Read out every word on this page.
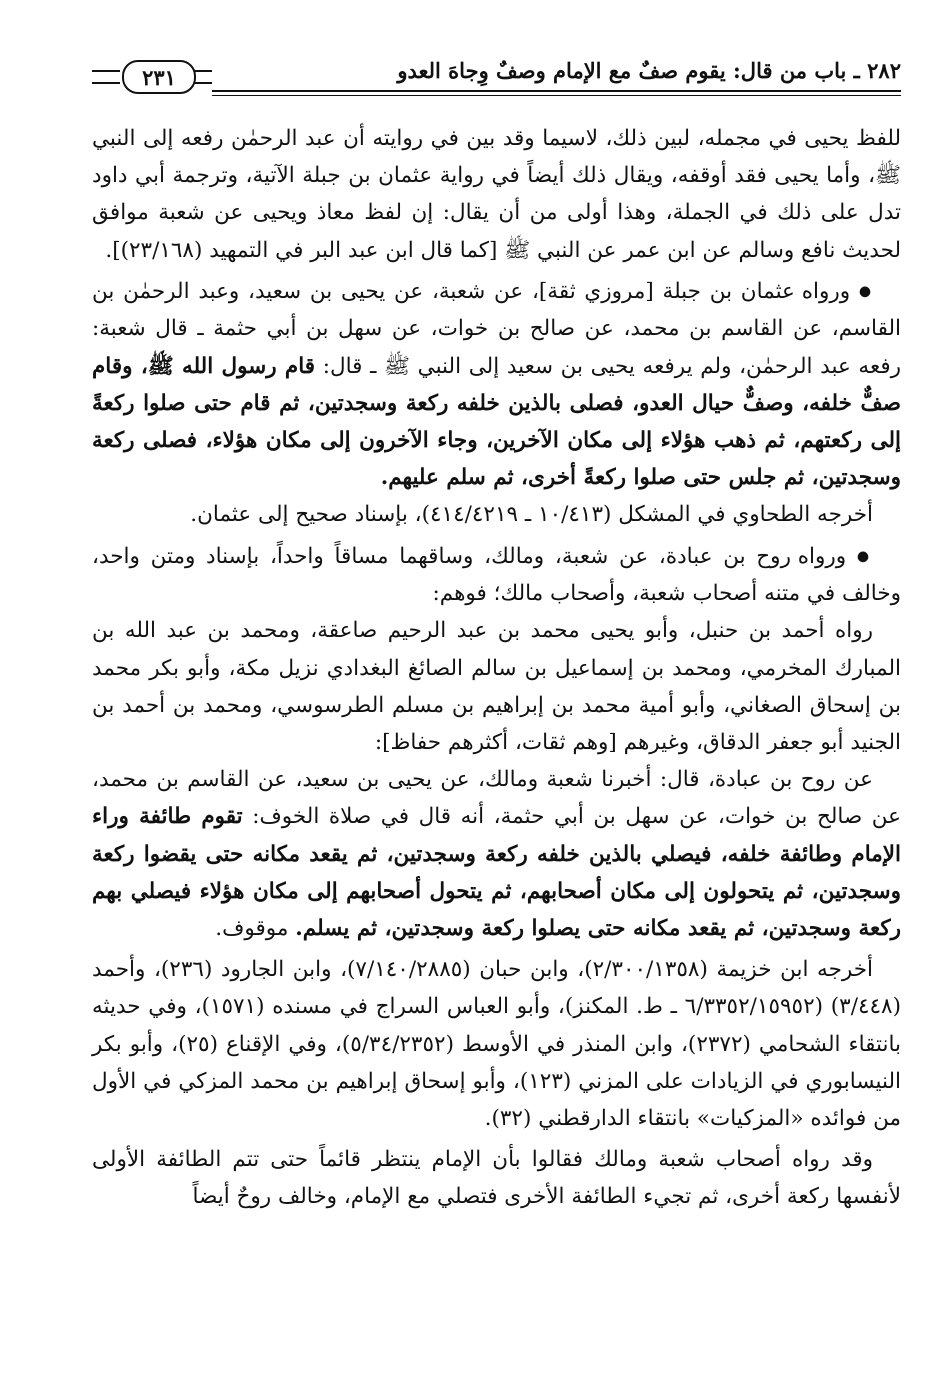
٢٨٢ ـ باب من قال: يقوم صفٌ مع الإمام وصفٌ وِجاهَ العدو
٢٣١

للفظ يحيى في مجمله، لبين ذلك، لاسيما وقد بين في روايته أن عبد الرحمٰن رفعه إلى النبي ﷺ، وأما يحيى فقد أوقفه، ويقال ذلك أيضاً في رواية عثمان بن جبلة الآتية، وترجمة أبي داود تدل على ذلك في الجملة، وهذا أولى من أن يقال: إن لفظ معاذ ويحيى عن شعبة موافق لحديث نافع وسالم عن ابن عمر عن النبي ﷺ [كما قال ابن عبد البر في التمهيد (٢٣/١٦٨)].

● ورواه عثمان بن جبلة [مروزي ثقة]، عن شعبة، عن يحيى بن سعيد، وعبد الرحمٰن بن القاسم، عن القاسم بن محمد، عن صالح بن خوات، عن سهل بن أبي حثمة ـ قال شعبة: رفعه عبد الرحمٰن، ولم يرفعه يحيى بن سعيد إلى النبي ﷺ ـ قال: قام رسول الله ﷺ، وقام صفٌّ خلفه، وصفٌّ حيال العدو، فصلى بالذين خلفه ركعة وسجدتين، ثم قام حتى صلوا ركعةً إلى ركعتهم، ثم ذهب هؤلاء إلى مكان الآخرين، وجاء الآخرون إلى مكان هؤلاء، فصلى ركعة وسجدتين، ثم جلس حتى صلوا ركعةً أخرى، ثم سلم عليهم.

أخرجه الطحاوي في المشكل (١٠/٤١٣ ـ ٤١٤/٤٢١٩)، بإسناد صحيح إلى عثمان.

● ورواه روح بن عبادة، عن شعبة، ومالك، وساقهما مساقاً واحداً، بإسناد ومتن واحد، وخالف في متنه أصحاب شعبة، وأصحاب مالك؛ فوهم:

رواه أحمد بن حنبل، وأبو يحيى محمد بن عبد الرحيم صاعقة، ومحمد بن عبد الله بن المبارك المخرمي، ومحمد بن إسماعيل بن سالم الصائغ البغدادي نزيل مكة، وأبو بكر محمد بن إسحاق الصغاني، وأبو أمية محمد بن إبراهيم بن مسلم الطرسوسي، ومحمد بن أحمد بن الجنيد أبو جعفر الدقاق، وغيرهم [وهم ثقات، أكثرهم حفاظ]:

عن روح بن عبادة، قال: أخبرنا شعبة ومالك، عن يحيى بن سعيد، عن القاسم بن محمد، عن صالح بن خوات، عن سهل بن أبي حثمة، أنه قال في صلاة الخوف: تقوم طائفة وراء الإمام وطائفة خلفه، فيصلي بالذين خلفه ركعة وسجدتين، ثم يقعد مكانه حتى يقضوا ركعة وسجدتين، ثم يتحولون إلى مكان أصحابهم، ثم يتحول أصحابهم إلى مكان هؤلاء فيصلي بهم ركعة وسجدتين، ثم يقعد مكانه حتى يصلوا ركعة وسجدتين، ثم يسلم. موقوف.

أخرجه ابن خزيمة (٢/٣٠٠/١٣٥٨)، وابن حبان (٧/١٤٠/٢٨٨٥)، وابن الجارود (٢٣٦)، وأحمد (٣/٤٤٨) (٦/٣٣٥٢/١٥٩٥٢ ـ ط. المكنز)، وأبو العباس السراج في مسنده (١٥٧١)، وفي حديثه بانتقاء الشحامي (٢٣٧٢)، وابن المنذر في الأوسط (٥/٣٤/٢٣٥٢)، وفي الإقناع (٢٥)، وأبو بكر النيسابوري في الزيادات على المزني (١٢٣)، وأبو إسحاق إبراهيم بن محمد المزكي في الأول من فوائده «المزكيات» بانتقاء الدارقطني (٣٢).

وقد رواه أصحاب شعبة ومالك فقالوا بأن الإمام ينتظر قائماً حتى تتم الطائفة الأولى لأنفسها ركعة أخرى، ثم تجيء الطائفة الأخرى فتصلي مع الإمام، وخالف روحٌ أيضاً
